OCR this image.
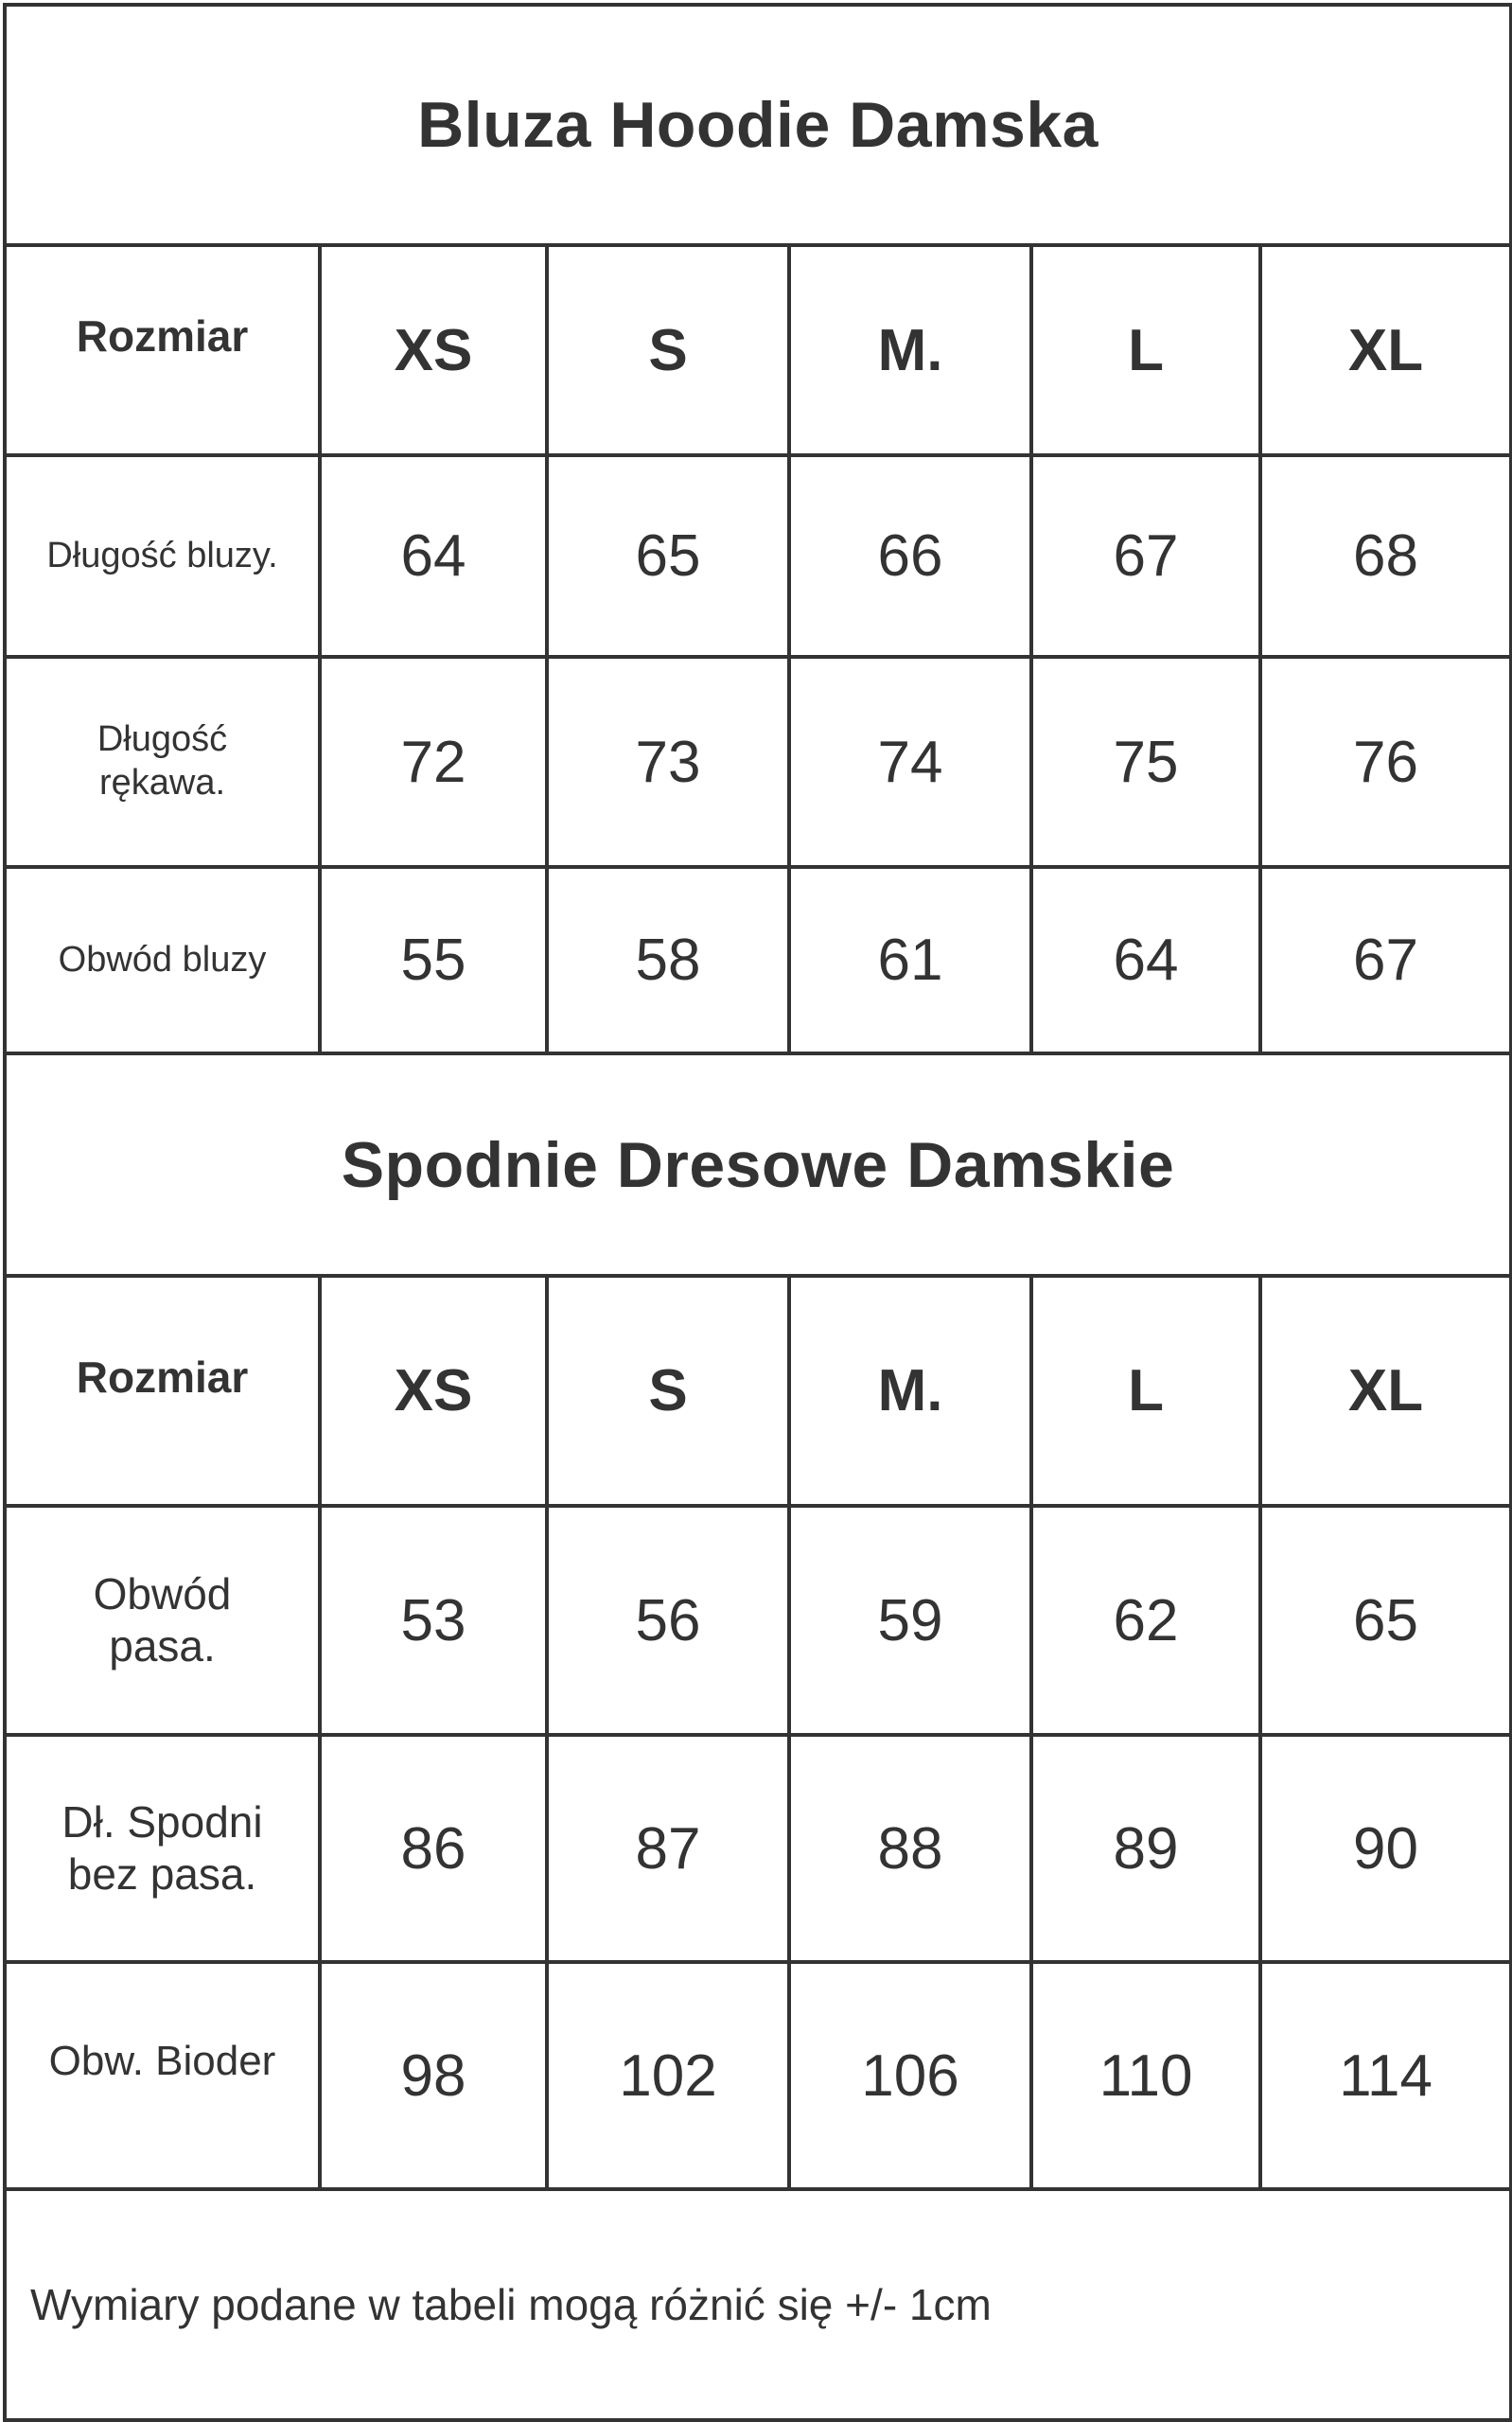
Bluza Hoodie Damska					
Rozmiar	XS	S	M.	L	XL

Długość bluzy.	64	65	66	67	68

Długość
rękawa.	72	73	74	75	76

Obwód bluzy	55	58	61	64	67
Spodnie Dresowe Damskie					
Rozmiar	XS	S	M.	L	XL

Obwód
pasa.	53	56	59	62	65

Dł. Spodni
bez pasa.	86	87	88	89	90

Obw. Bioder	98	102	106	110	114
Wymiary podane w tabeli mogą różnić się +/- 1cm					
